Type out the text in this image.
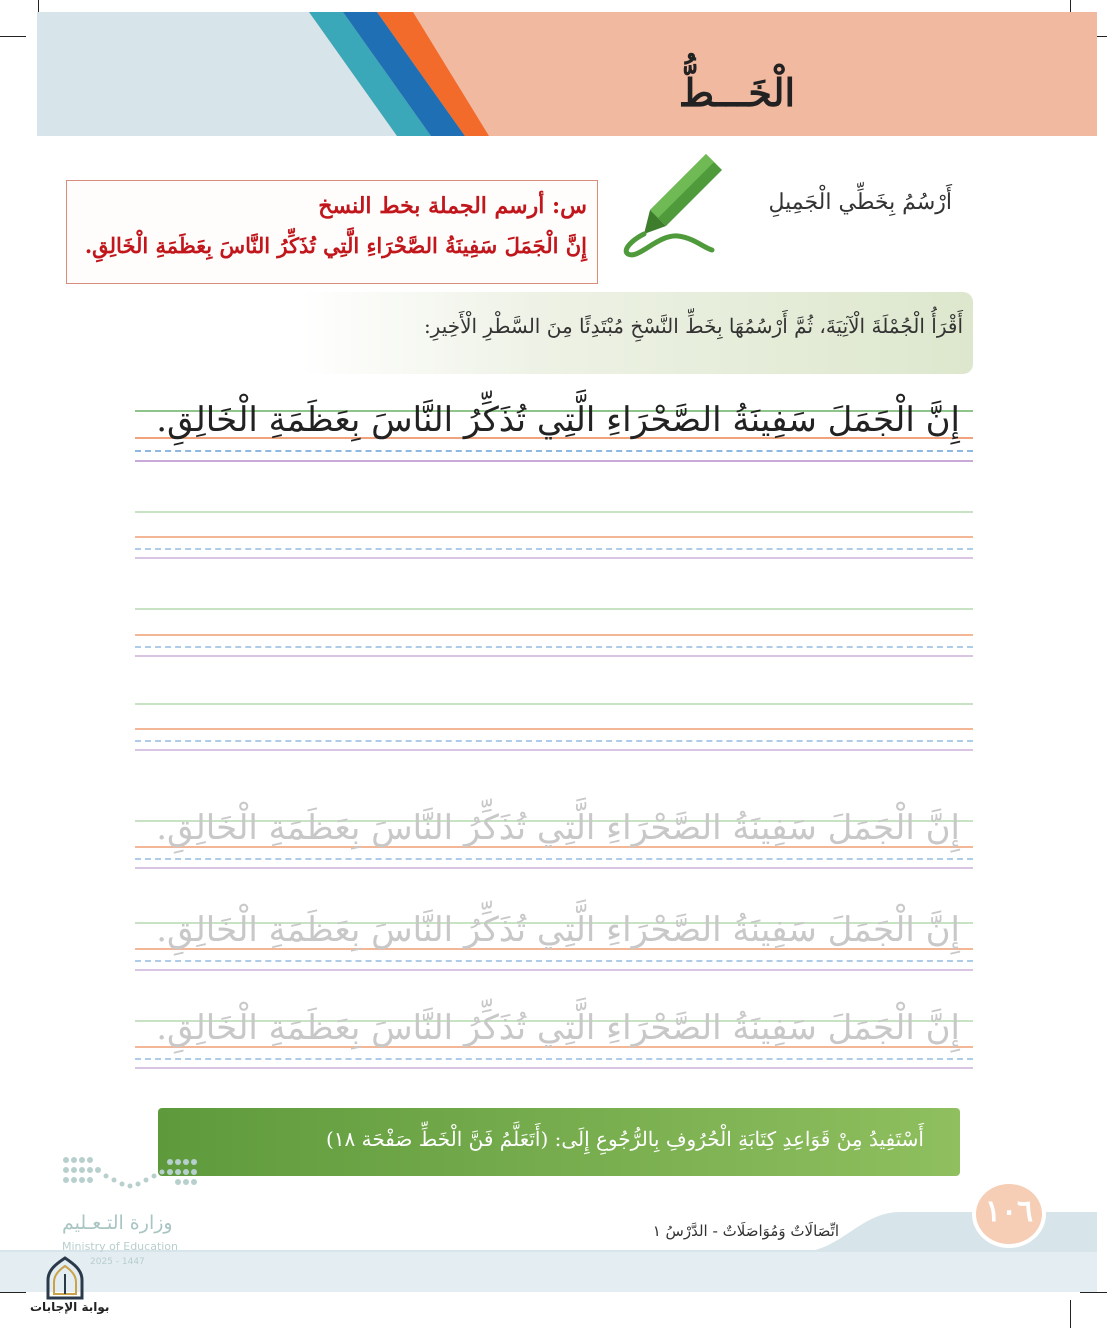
الْخَـــطُّ
س: أرسم الجملة بخط النسخ
إِنَّ الْجَمَلَ سَفِينَةُ الصَّحْرَاءِ الَّتِي تُذَكِّرُ النَّاسَ بِعَظَمَةِ الْخَالِقِ.
أَرْسُمُ بِخَطِّي الْجَمِيلِ
أَقْرَأُ الْجُمْلَةَ الْآتِيَةَ، ثُمَّ أَرْسُمُهَا بِخَطِّ النَّسْخِ مُبْتَدِئًا مِنَ السَّطْرِ الْأَخِيرِ:
إِنَّ الْجَمَلَ سَفِينَةُ الصَّحْرَاءِ الَّتِي تُذَكِّرُ النَّاسَ بِعَظَمَةِ الْخَالِقِ.
إِنَّ الْجَمَلَ سَفِينَةُ الصَّحْرَاءِ الَّتِي تُذَكِّرُ النَّاسَ بِعَظَمَةِ الْخَالِقِ.
إِنَّ الْجَمَلَ سَفِينَةُ الصَّحْرَاءِ الَّتِي تُذَكِّرُ النَّاسَ بِعَظَمَةِ الْخَالِقِ.
إِنَّ الْجَمَلَ سَفِينَةُ الصَّحْرَاءِ الَّتِي تُذَكِّرُ النَّاسَ بِعَظَمَةِ الْخَالِقِ.
أَسْتَفِيدُ مِنْ قَوَاعِدِ كِتَابَةِ الْحُرُوفِ بِالرُّجُوعِ إِلَى: (أَتَعَلَّمُ فَنَّ الْخَطِّ صَفْحَة ١٨)
١٠٦
اتِّصَالَاتٌ وَمُوَاصَلَاتٌ - الدَّرْسُ ١
وزارة التـعـليم
Ministry of Education
2025 - 1447
بوابة الإجابات
